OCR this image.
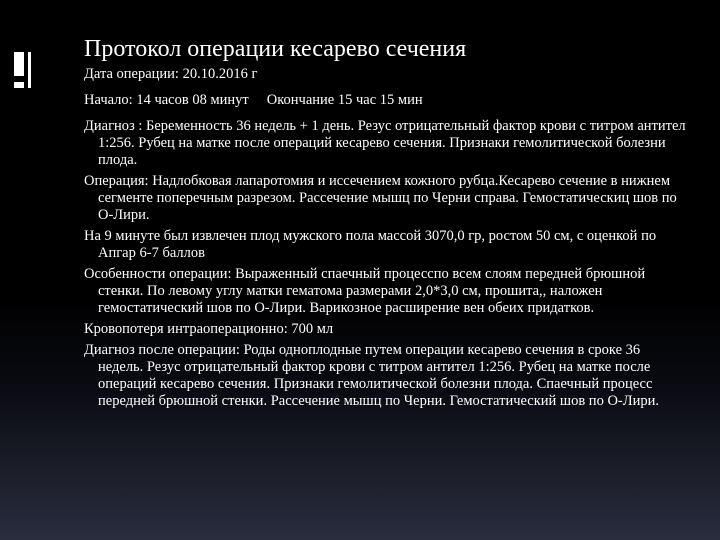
Протокол операции кесарево сечения
Дата операции: 20.10.2016 г
Начало: 14 часов 08 минут Окончание 15 час 15 мин
Диагноз : Беременность 36 недель + 1 день. Резус отрицательный фактор крови с титром антител 1:256. Рубец на матке после операций кесарево сечения. Признаки гемолитической болезни плода.
Операция: Надлобковая лапаротомия и иссечением кожного рубца.Кесарево сечение в нижнем сегменте поперечным разрезом. Рассечение мышц по Черни справа. Гемостатическиц шов по О-Лири.
На 9 минуте был извлечен плод мужского пола массой 3070,0 гр, ростом 50 см, с оценкой по Апгар 6-7 баллов
Особенности операции: Выраженный спаечный процесспо всем слоям передней брюшной стенки. По левому углу матки гематома размерами 2,0*3,0 см, прошита,, наложен гемостатический шов по О-Лири. Варикозное расширение вен обеих придатков.
Кровопотеря интраоперационно: 700 мл
Диагноз после операции: Роды одноплодные путем операции кесарево сечения в сроке 36 недель. Резус отрицательный фактор крови с титром антител 1:256. Рубец на матке после операций кесарево сечения. Признаки гемолитической болезни плода. Спаечный процесс передней брюшной стенки. Рассечение мышц по Черни. Гемостатический шов по О-Лири.
